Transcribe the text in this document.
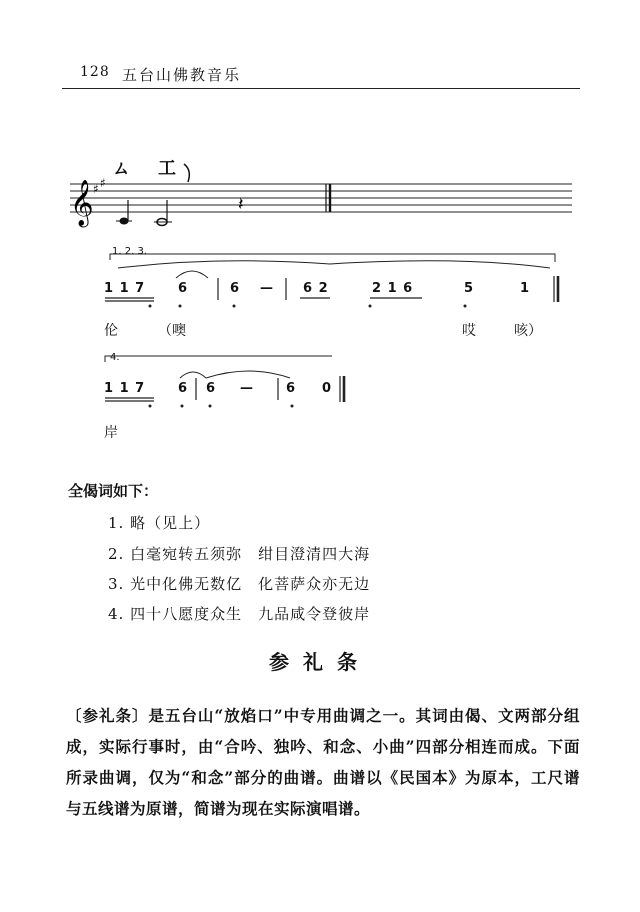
128 五台山佛教音乐
ㄙ 工
𝄞 ♯ ♯
𝄽
1. 2. 3.
1 1 7	6	6 — 6 2	2 1 6	5	1
伦	（噢	哎	咳）
4.
1 1 7	6 6 — 6 0
岸
全偈词如下：
1. 略（见上）
2. 白毫宛转五须弥　绀目澄清四大海
3. 光中化佛无数亿　化菩萨众亦无边
4. 四十八愿度众生　九品咸令登彼岸
参礼条
〔参礼条〕是五台山“放焰口”中专用曲调之一。其词由偈、文两部分组成，实际行事时，由“合吟、独吟、和念、小曲”四部分相连而成。下面所录曲调，仅为“和念”部分的曲谱。曲谱以《民国本》为原本，工尺谱与五线谱为原谱，简谱为现在实际演唱谱。
